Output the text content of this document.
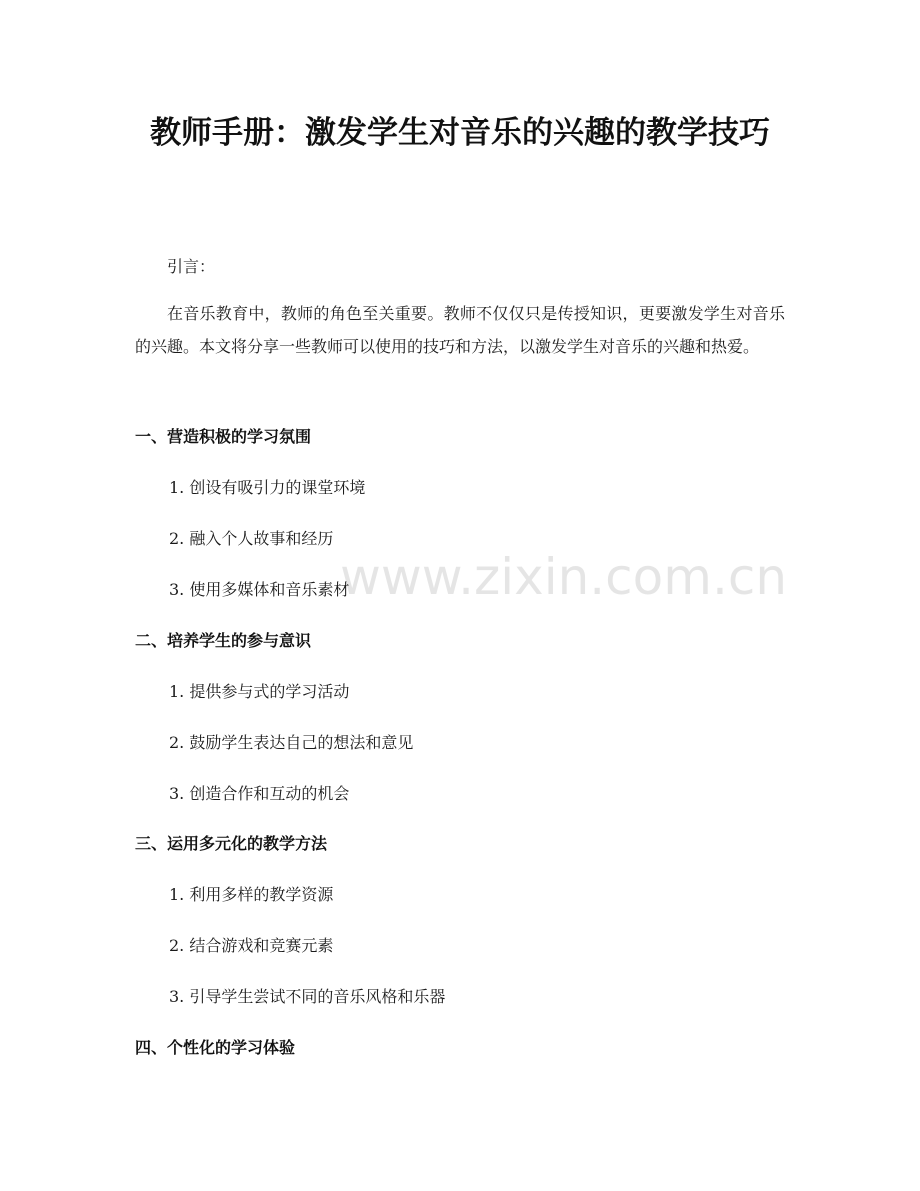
教师手册：激发学生对音乐的兴趣的教学技巧

引言：

在音乐教育中，教师的角色至关重要。教师不仅仅只是传授知识，更要激发学生对音乐的兴趣。本文将分享一些教师可以使用的技巧和方法，以激发学生对音乐的兴趣和热爱。

一、营造积极的学习氛围

1. 创设有吸引力的课堂环境

2. 融入个人故事和经历

3. 使用多媒体和音乐素材

二、培养学生的参与意识

1. 提供参与式的学习活动

2. 鼓励学生表达自己的想法和意见

3. 创造合作和互动的机会

三、运用多元化的教学方法

1. 利用多样的教学资源

2. 结合游戏和竞赛元素

3. 引导学生尝试不同的音乐风格和乐器

四、个性化的学习体验
www.zixin.com.cn
